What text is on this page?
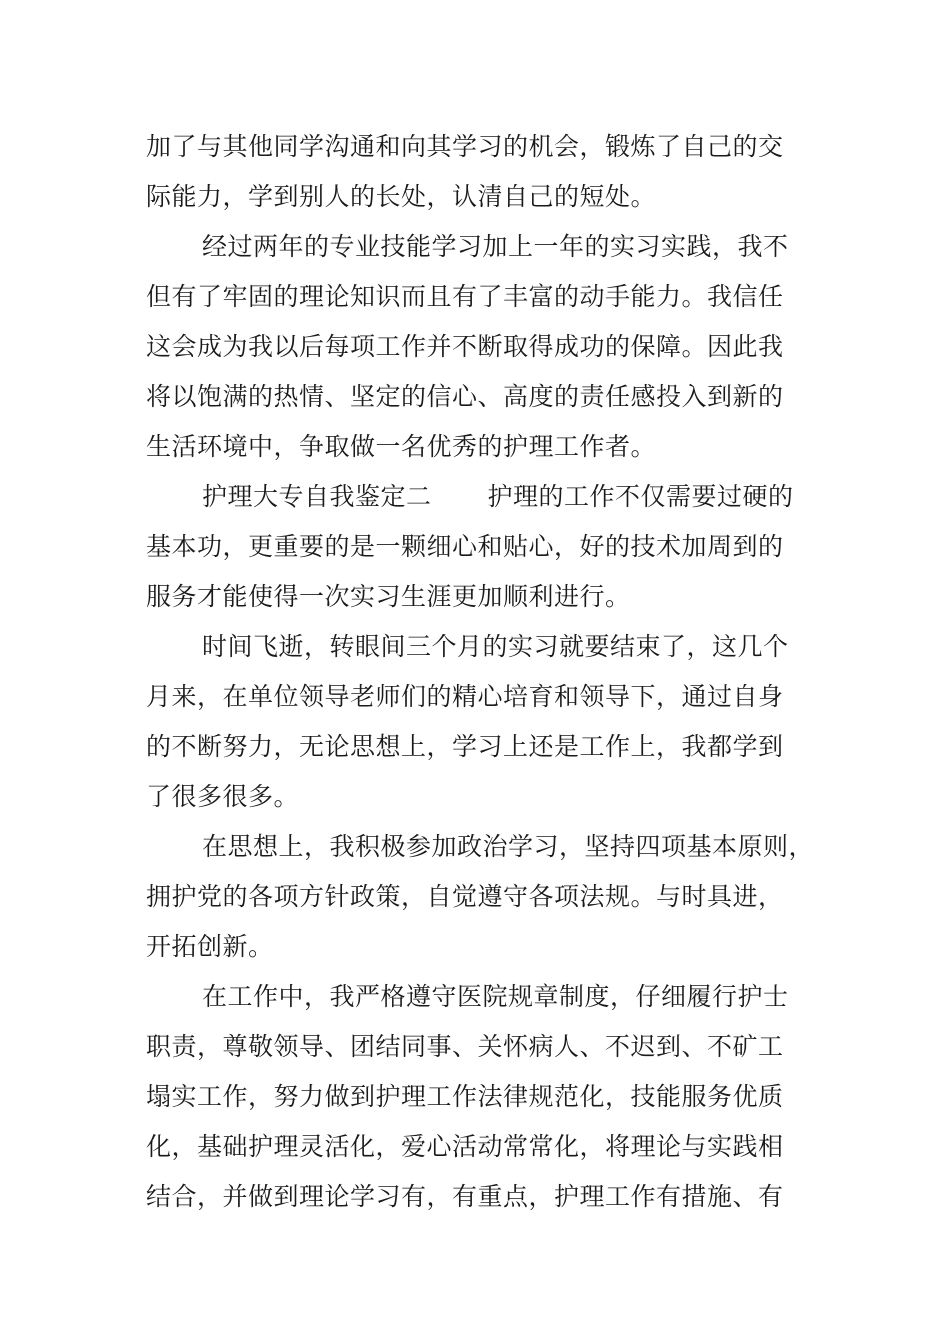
加了与其他同学沟通和向其学习的机会，锻炼了自己的交
际能力，学到别人的长处，认清自己的短处。
经过两年的专业技能学习加上一年的实习实践，我不
但有了牢固的理论知识而且有了丰富的动手能力。我信任
这会成为我以后每项工作并不断取得成功的保障。因此我
将以饱满的热情、坚定的信心、高度的责任感投入到新的
生活环境中，争取做一名优秀的护理工作者。
护理大专自我鉴定二 护理的工作不仅需要过硬的
基本功，更重要的是一颗细心和贴心，好的技术加周到的
服务才能使得一次实习生涯更加顺利进行。
时间飞逝，转眼间三个月的实习就要结束了，这几个
月来，在单位领导老师们的精心培育和领导下，通过自身
的不断努力，无论思想上，学习上还是工作上，我都学到
了很多很多。
在思想上，我积极参加政治学习，坚持四项基本原则，
拥护党的各项方针政策，自觉遵守各项法规。与时具进，
开拓创新。
在工作中，我严格遵守医院规章制度，仔细履行护士
职责，尊敬领导、团结同事、关怀病人、不迟到、不矿工
塌实工作，努力做到护理工作法律规范化，技能服务优质
化，基础护理灵活化，爱心活动常常化，将理论与实践相
结合，并做到理论学习有，有重点，护理工作有措施、有
